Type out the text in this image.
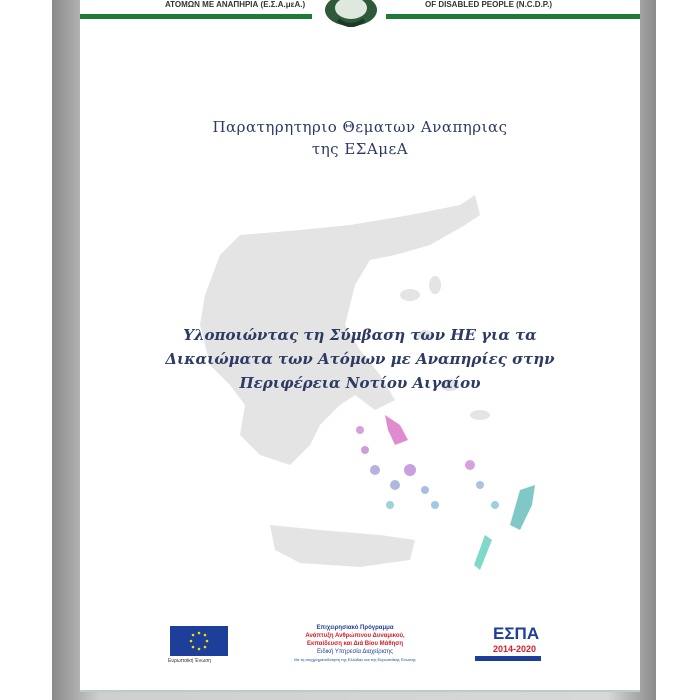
ΑΤΟΜΩΝ ΜΕ ΑΝΑΠΗΡΙΑ (Ε.Σ.Α.μεΑ.)	OF DISABLED PEOPLE (N.C.D.P.)
Παρατηρητηριο Θεματων Αναπηριας
της ΕΣΑμεΑ
Υλοποιώντας τη Σύμβαση των ΗΕ για τα
Δικαιώματα των Ατόμων με Αναπηρίες στην
Περιφέρεια Νοτίου Αιγαίου
Ευρωπαϊκή Ένωση
Επιχειρησιακό Πρόγραμμα
Ανάπτυξη Ανθρώπινου Δυναμικού,
Εκπαίδευση και Διά Βίου Μάθηση
Ειδική Υπηρεσία Διαχείρισης
Με τη συγχρηματοδότηση της Ελλάδας και της Ευρωπαϊκής Ένωσης
ΕΣΠΑ
2014-2020
